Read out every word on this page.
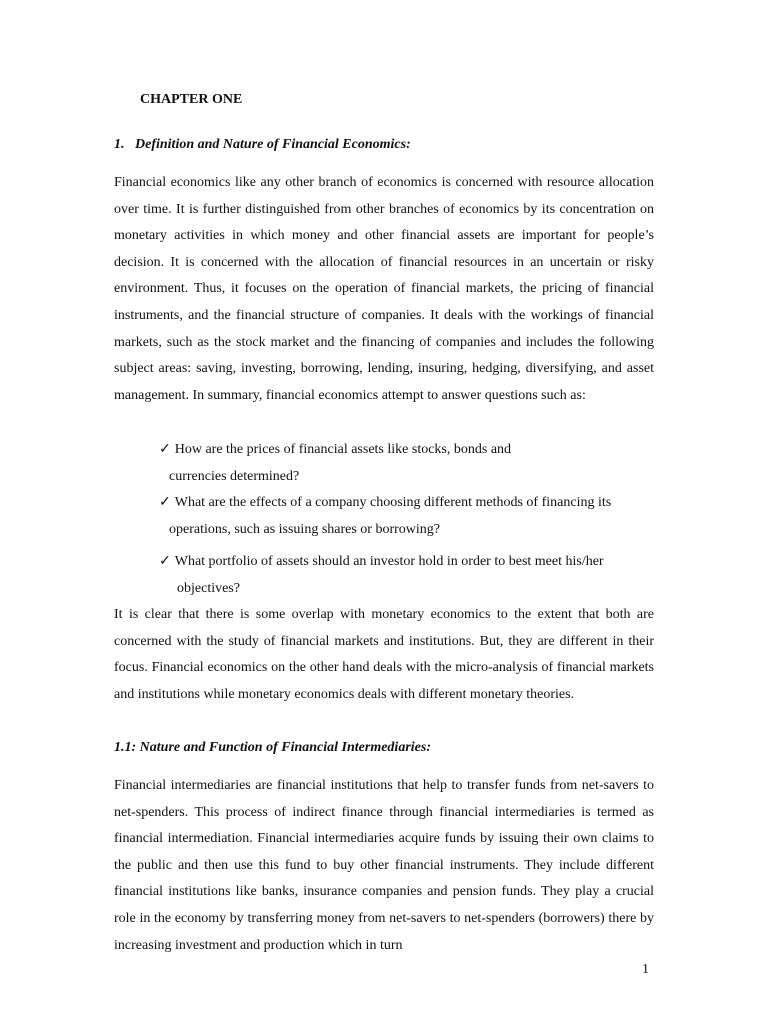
CHAPTER ONE
1. Definition and Nature of Financial Economics:

Financial economics like any other branch of economics is concerned with resource allocation over time. It is further distinguished from other branches of economics by its concentration on monetary activities in which money and other financial assets are important for people’s decision. It is concerned with the allocation of financial resources in an uncertain or risky environment. Thus, it focuses on the operation of financial markets, the pricing of financial instruments, and the financial structure of companies. It deals with the workings of financial markets, such as the stock market and the financing of companies and includes the following subject areas: saving, investing, borrowing, lending, insuring, hedging, diversifying, and asset management. In summary, financial economics attempt to answer questions such as:

✓ How are the prices of financial assets like stocks, bonds and
currencies determined?
✓ What are the effects of a company choosing different methods of financing its
operations, such as issuing shares or borrowing?
✓ What portfolio of assets should an investor hold in order to best meet his/her
objectives?

It is clear that there is some overlap with monetary economics to the extent that both are concerned with the study of financial markets and institutions. But, they are different in their focus. Financial economics on the other hand deals with the micro-analysis of financial markets and institutions while monetary economics deals with different monetary theories.

1.1: Nature and Function of Financial Intermediaries:

Financial intermediaries are financial institutions that help to transfer funds from net-savers to net-spenders. This process of indirect finance through financial intermediaries is termed as financial intermediation. Financial intermediaries acquire funds by issuing their own claims to the public and then use this fund to buy other financial instruments. They include different financial institutions like banks, insurance companies and pension funds. They play a crucial role in the economy by transferring money from net-savers to net-spenders (borrowers) there by increasing investment and production which in turn

1
